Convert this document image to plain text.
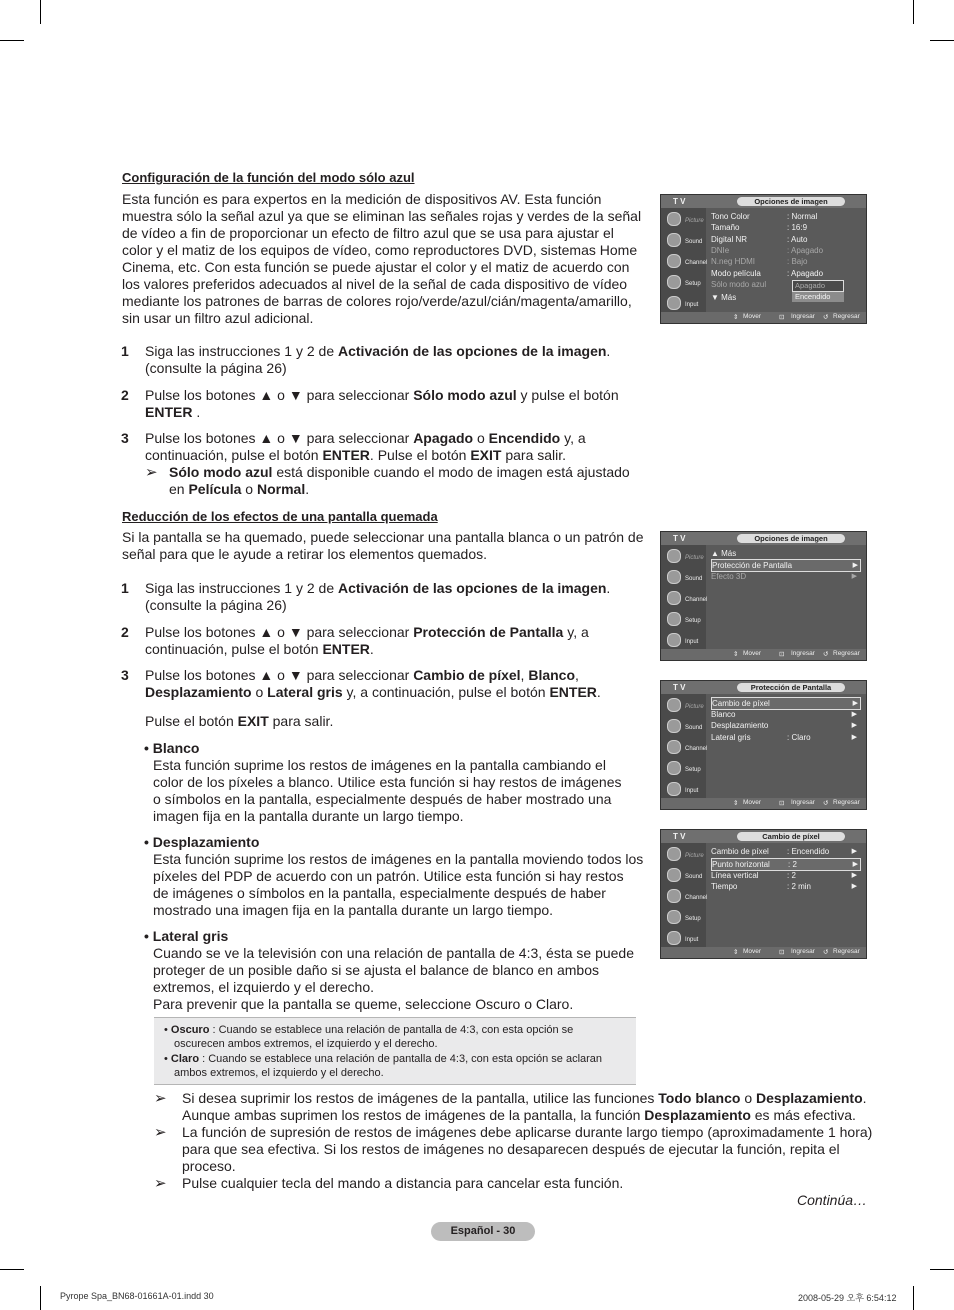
Configuración de la función del modo sólo azul
Esta función es para expertos en la medición de dispositivos AV. Esta función
muestra sólo la señal azul ya que se eliminan las señales rojas y verdes de la señal
de vídeo a fin de proporcionar un efecto de filtro azul que se usa para ajustar el
color y el matiz de los equipos de vídeo, como reproductores DVD, sistemas Home
Cinema, etc. Con esta función se puede ajustar el color y el matiz de acuerdo con
los valores preferidos adecuados al nivel de la señal de cada dispositivo de vídeo
mediante los patrones de barras de colores rojo/verde/azul/cián/magenta/amarillo,
sin usar un filtro azul adicional.
1 Siga las instrucciones 1 y 2 de Activación de las opciones de la imagen.
(consulte la página 26)
2 Pulse los botones ▲ o ▼ para seleccionar Sólo modo azul y pulse el botón
ENTER .
3 Pulse los botones ▲ o ▼ para seleccionar Apagado o Encendido y, a
continuación, pulse el botón ENTER. Pulse el botón EXIT para salir.
➢ Sólo modo azul está disponible cuando el modo de imagen está ajustado
en Película o Normal.
Reducción de los efectos de una pantalla quemada
Si la pantalla se ha quemado, puede seleccionar una pantalla blanca o un patrón de
señal para que le ayude a retirar los elementos quemados.
1 Siga las instrucciones 1 y 2 de Activación de las opciones de la imagen.
(consulte la página 26)
2 Pulse los botones ▲ o ▼ para seleccionar Protección de Pantalla y, a
continuación, pulse el botón ENTER.
3 Pulse los botones ▲ o ▼ para seleccionar Cambio de píxel, Blanco,
Desplazamiento o Lateral gris y, a continuación, pulse el botón ENTER.
Pulse el botón EXIT para salir.
• Blanco
Esta función suprime los restos de imágenes en la pantalla cambiando el
color de los píxeles a blanco. Utilice esta función si hay restos de imágenes
o símbolos en la pantalla, especialmente después de haber mostrado una
imagen fija en la pantalla durante un largo tiempo.
• Desplazamiento
Esta función suprime los restos de imágenes en la pantalla moviendo todos los
píxeles del PDP de acuerdo con un patrón. Utilice esta función si hay restos
de imágenes o símbolos en la pantalla, especialmente después de haber
mostrado una imagen fija en la pantalla durante un largo tiempo.
• Lateral gris
Cuando se ve la televisión con una relación de pantalla de 4:3, ésta se puede
proteger de un posible daño si se ajusta el balance de blanco en ambos
extremos, el izquierdo y el derecho.
Para prevenir que la pantalla se queme, seleccione Oscuro o Claro.
• Oscuro : Cuando se establece una relación de pantalla de 4:3, con esta opción se
oscurecen ambos extremos, el izquierdo y el derecho.
• Claro : Cuando se establece una relación de pantalla de 4:3, con esta opción se aclaran
ambos extremos, el izquierdo y el derecho.
➢ Si desea suprimir los restos de imágenes de la pantalla, utilice las funciones Todo blanco o Desplazamiento.
Aunque ambas suprimen los restos de imágenes de la pantalla, la función Desplazamiento es más efectiva.
➢ La función de supresión de restos de imágenes debe aplicarse durante largo tiempo (aproximadamente 1 hora)
para que sea efectiva. Si los restos de imágenes no desaparecen después de ejecutar la función, repita el
proceso.
➢ Pulse cualquier tecla del mando a distancia para cancelar esta función.
Continúa…
Español - 30
Pyrope Spa_BN68-01661A-01.indd 30	2008-05-29 오후 6:54:12
T V	Opciones de imagen
Picture
Sound
Channel
Setup
Input
Tono Color	: Normal
Tamaño	: 16:9
Digital NR	: Auto
DNIe	: Apagado
N.neg HDMI	: Bajo
Modo película	: Apagado
Sólo modo azul
▼ Más
Apagado
Encendido
⇕ Mover	⊡ Ingresar ↺ Regresar
T V	Opciones de imagen
Picture
Sound
Channel
Setup
Input
▲ Más
Protección de Pantalla	▶
Efecto 3D	▶
⇕ Mover	⊡ Ingresar ↺ Regresar
T V	Protección de Pantalla
Picture
Sound
Channel
Setup
Input
Cambio de píxel	▶
Blanco	▶
Desplazamiento	▶
Lateral gris	: Claro	▶
⇕ Mover	⊡ Ingresar ↺ Regresar
T V	Cambio de píxel
Picture
Sound
Channel
Setup
Input
Cambio de píxel : Encendido	▶
Punto horizontal : 2	▶
Línea vertical	: 2	▶
Tiempo	: 2 min	▶
⇕ Mover	⊡ Ingresar ↺ Regresar
